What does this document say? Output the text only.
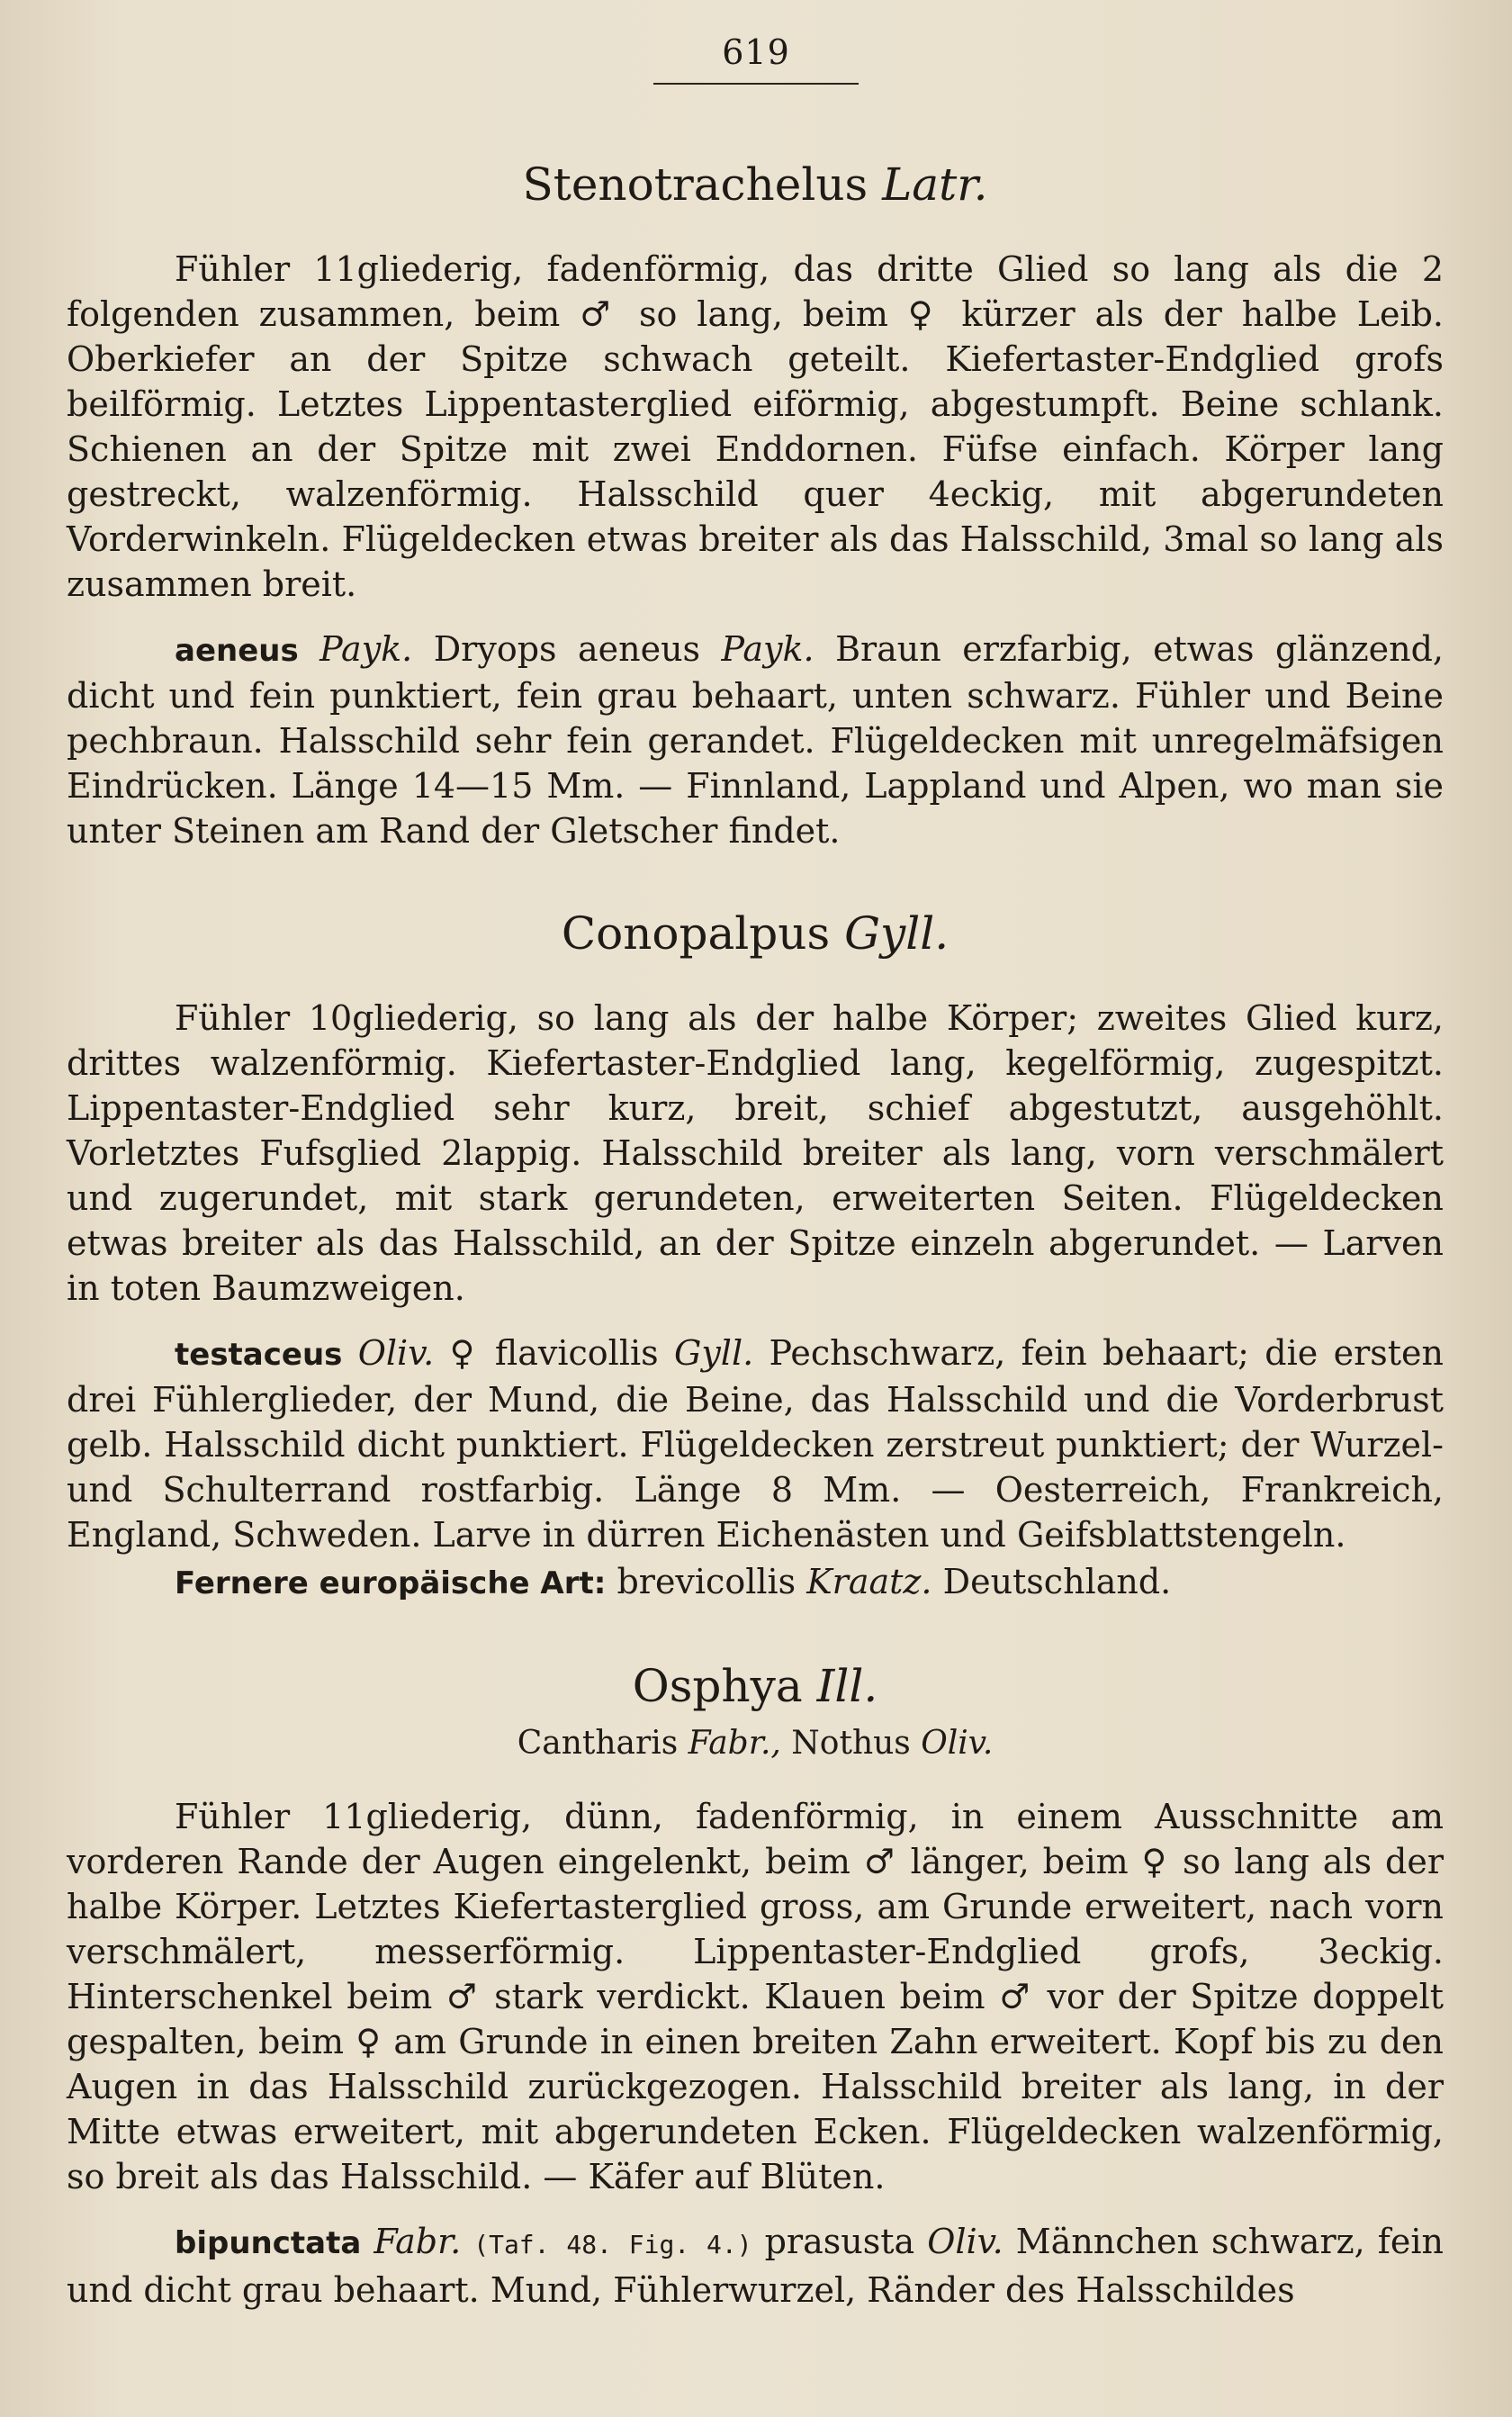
619
Stenotrachelus Latr.

Fühler 11gliederig, fadenförmig, das dritte Glied so lang als die 2 folgenden zusammen, beim ♂ so lang, beim ♀ kürzer als der halbe Leib. Oberkiefer an der Spitze schwach geteilt. Kiefertaster-Endglied grofs beilförmig. Letztes Lippentasterglied eiförmig, abgestumpft. Beine schlank. Schienen an der Spitze mit zwei Enddornen. Füfse einfach. Körper lang gestreckt, walzenförmig. Halsschild quer 4eckig, mit abgerundeten Vorderwinkeln. Flügeldecken etwas breiter als das Halsschild, 3mal so lang als zusammen breit.

aeneus Payk. Dryops aeneus Payk. Braun erzfarbig, etwas glänzend, dicht und fein punktiert, fein grau behaart, unten schwarz. Fühler und Beine pechbraun. Halsschild sehr fein gerandet. Flügeldecken mit unregelmäfsigen Eindrücken. Länge 14—15 Mm. — Finnland, Lappland und Alpen, wo man sie unter Steinen am Rand der Gletscher findet.

Conopalpus Gyll.

Fühler 10gliederig, so lang als der halbe Körper; zweites Glied kurz, drittes walzenförmig. Kiefertaster-Endglied lang, kegelförmig, zugespitzt. Lippentaster-Endglied sehr kurz, breit, schief abgestutzt, ausgehöhlt. Vorletztes Fufsglied 2lappig. Halsschild breiter als lang, vorn verschmälert und zugerundet, mit stark gerundeten, erweiterten Seiten. Flügeldecken etwas breiter als das Halsschild, an der Spitze einzeln abgerundet. — Larven in toten Baumzweigen.

testaceus Oliv. ♀ flavicollis Gyll. Pechschwarz, fein behaart; die ersten drei Fühlerglieder, der Mund, die Beine, das Halsschild und die Vorderbrust gelb. Halsschild dicht punktiert. Flügeldecken zerstreut punktiert; der Wurzel- und Schulterrand rostfarbig. Länge 8 Mm. — Oesterreich, Frankreich, England, Schweden. Larve in dürren Eichenästen und Geifsblattstengeln.

Fernere europäische Art: brevicollis Kraatz. Deutschland.

Osphya Ill.
Cantharis Fabr., Nothus Oliv.

Fühler 11gliederig, dünn, fadenförmig, in einem Ausschnitte am vorderen Rande der Augen eingelenkt, beim ♂ länger, beim ♀ so lang als der halbe Körper. Letztes Kiefertasterglied gross, am Grunde erweitert, nach vorn verschmälert, messerförmig. Lippentaster-Endglied grofs, 3eckig. Hinterschenkel beim ♂ stark verdickt. Klauen beim ♂ vor der Spitze doppelt gespalten, beim ♀ am Grunde in einen breiten Zahn erweitert. Kopf bis zu den Augen in das Halsschild zurückgezogen. Halsschild breiter als lang, in der Mitte etwas erweitert, mit abgerundeten Ecken. Flügeldecken walzenförmig, so breit als das Halsschild. — Käfer auf Blüten.

bipunctata Fabr. (Taf. 48. Fig. 4.) prasusta Oliv. Männchen schwarz, fein und dicht grau behaart. Mund, Fühlerwurzel, Ränder des Halsschildes
